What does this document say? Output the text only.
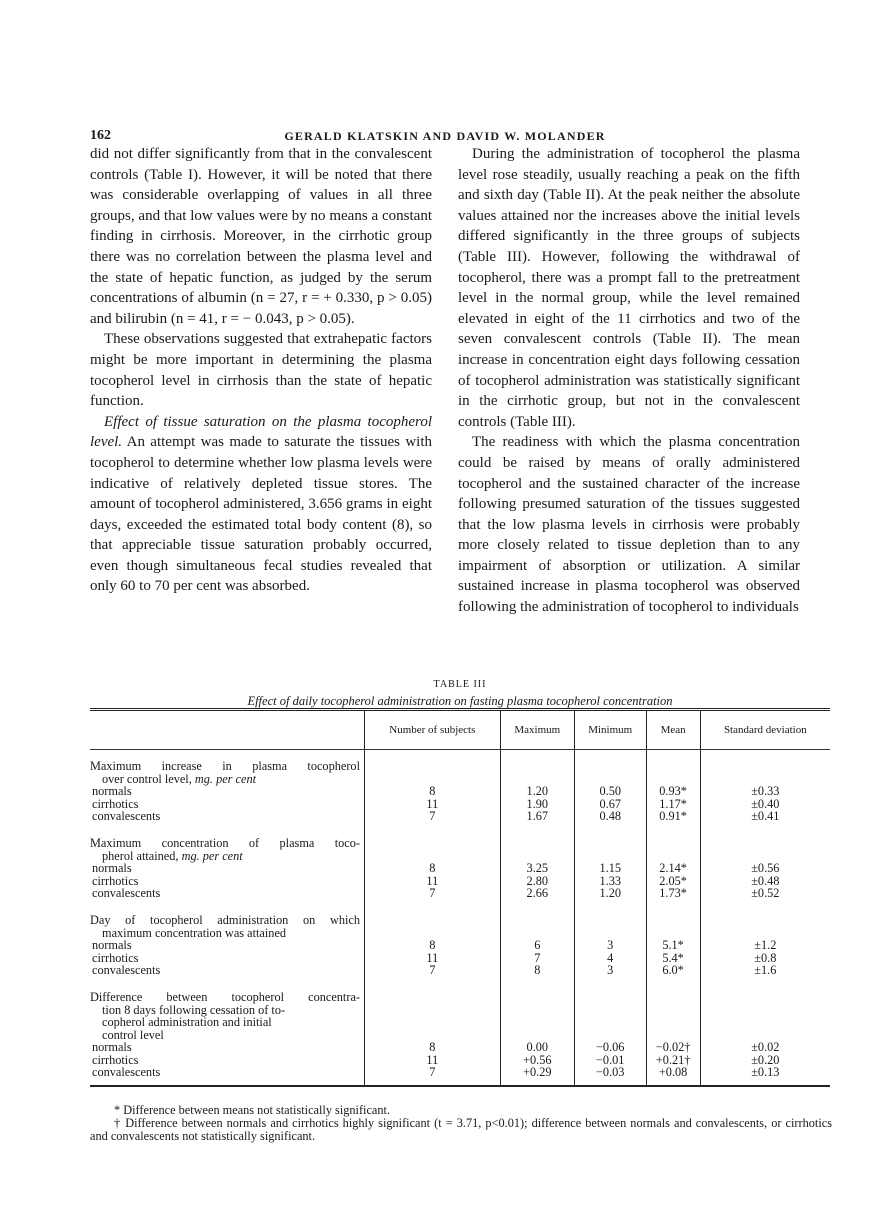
162	GERALD KLATSKIN AND DAVID W. MOLANDER

did not differ significantly from that in the convalescent controls (Table I). However, it will be noted that there was considerable overlapping of values in all three groups, and that low values were by no means a constant finding in cirrhosis. Moreover, in the cirrhotic group there was no correlation between the plasma level and the state of hepatic function, as judged by the serum concentrations of albumin (n = 27, r = + 0.330, p > 0.05) and bilirubin (n = 41, r = − 0.043, p > 0.05).

These observations suggested that extrahepatic factors might be more important in determining the plasma tocopherol level in cirrhosis than the state of hepatic function.

Effect of tissue saturation on the plasma tocopherol level. An attempt was made to saturate the tissues with tocopherol to determine whether low plasma levels were indicative of relatively depleted tissue stores. The amount of tocopherol administered, 3.656 grams in eight days, exceeded the estimated total body content (8), so that appreciable tissue saturation probably occurred, even though simultaneous fecal studies revealed that only 60 to 70 per cent was absorbed.

During the administration of tocopherol the plasma level rose steadily, usually reaching a peak on the fifth and sixth day (Table II). At the peak neither the absolute values attained nor the increases above the initial levels differed significantly in the three groups of subjects (Table III). However, following the withdrawal of tocopherol, there was a prompt fall to the pretreatment level in the normal group, while the level remained elevated in eight of the 11 cirrhotics and two of the seven convalescent controls (Table II). The mean increase in concentration eight days following cessation of tocopherol administration was statistically significant in the cirrhotic group, but not in the convalescent controls (Table III).

The readiness with which the plasma concentration could be raised by means of orally administered tocopherol and the sustained character of the increase following presumed saturation of the tissues suggested that the low plasma levels in cirrhosis were probably more closely related to tissue depletion than to any impairment of absorption or utilization. A similar sustained increase in plasma tocopherol was observed following the administration of tocopherol to individuals

TABLE III
Effect of daily tocopherol administration on fasting plasma tocopherol concentration
	Number of subjects	Maximum	Minimum	Mean	Standard deviation

Maximum increase in plasma tocopherol
over control level, mg. per cent					

normals	8	1.20	0.50	0.93*	±0.33
cirrhotics	11	1.90	0.67	1.17*	±0.40
convalescents	7	1.67	0.48	0.91*	±0.41

Maximum concentration of plasma toco-
pherol attained, mg. per cent					

normals	8	3.25	1.15	2.14*	±0.56
cirrhotics	11	2.80	1.33	2.05*	±0.48
convalescents	7	2.66	1.20	1.73*	±0.52

Day of tocopherol administration on which
maximum concentration was attained					

normals	8	6	3	5.1*	±1.2
cirrhotics	11	7	4	5.4*	±0.8
convalescents	7	8	3	6.0*	±1.6

Difference between tocopherol concentra-
tion 8 days following cessation of to-
copherol administration and initial
control level					

normals	8	0.00	−0.06	−0.02†	±0.02
cirrhotics	11	+0.56	−0.01	+0.21†	±0.20
convalescents	7	+0.29	−0.03	+0.08	±0.13

* Difference between means not statistically significant.

† Difference between normals and cirrhotics highly significant (t = 3.71, p<0.01); difference between normals and convalescents, or cirrhotics and convalescents not statistically significant.
